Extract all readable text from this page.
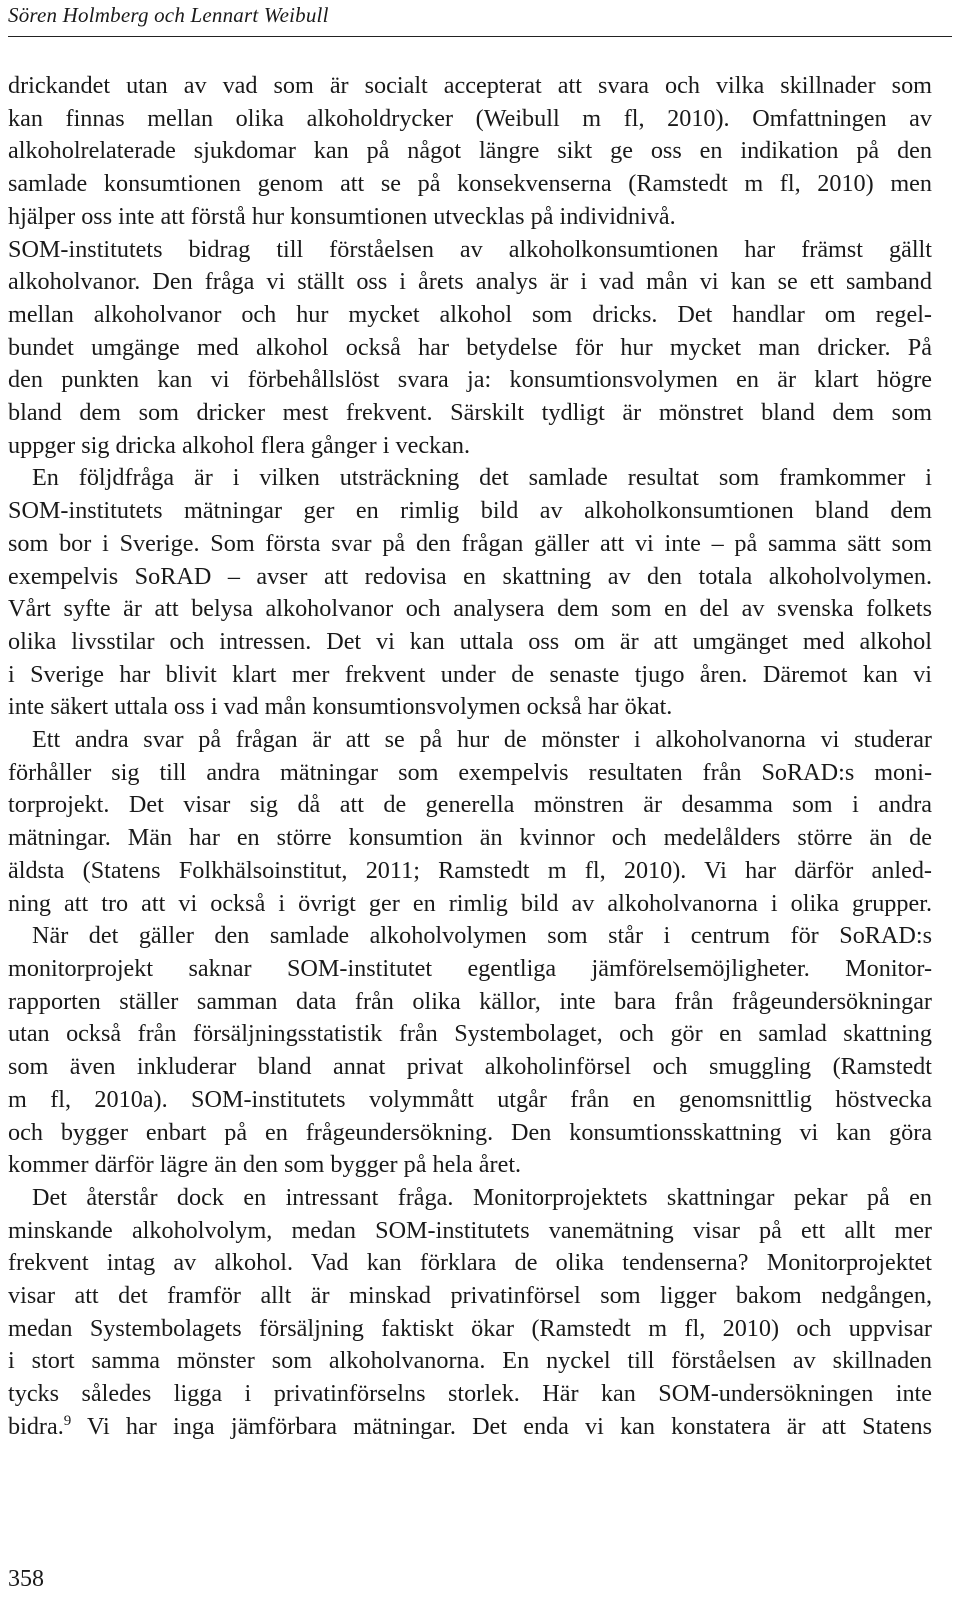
Sören Holmberg och Lennart Weibull

drickandet utan av vad som är socialt accepterat att svara och vilka skillnader som
kan finnas mellan olika alkoholdrycker (Weibull m fl, 2010). Omfattningen av
alkoholrelaterade sjukdomar kan på något längre sikt ge oss en indikation på den
samlade konsumtionen genom att se på konsekvenserna (Ramstedt m fl, 2010) men
hjälper oss inte att förstå hur konsumtionen utvecklas på individnivå.

SOM-institutets bidrag till förståelsen av alkoholkonsumtionen har främst gällt
alkoholvanor. Den fråga vi ställt oss i årets analys är i vad mån vi kan se ett samband
mellan alkoholvanor och hur mycket alkohol som dricks. Det handlar om regel-
bundet umgänge med alkohol också har betydelse för hur mycket man dricker. På
den punkten kan vi förbehållslöst svara ja: konsumtionsvolymen en är klart högre
bland dem som dricker mest frekvent. Särskilt tydligt är mönstret bland dem som
uppger sig dricka alkohol flera gånger i veckan.

En följdfråga är i vilken utsträckning det samlade resultat som framkommer i
SOM-institutets mätningar ger en rimlig bild av alkoholkonsumtionen bland dem
som bor i Sverige. Som första svar på den frågan gäller att vi inte – på samma sätt som
exempelvis SoRAD – avser att redovisa en skattning av den totala alkoholvolymen.
Vårt syfte är att belysa alkoholvanor och analysera dem som en del av svenska folkets
olika livsstilar och intressen. Det vi kan uttala oss om är att umgänget med alkohol
i Sverige har blivit klart mer frekvent under de senaste tjugo åren. Däremot kan vi
inte säkert uttala oss i vad mån konsumtionsvolymen också har ökat.

Ett andra svar på frågan är att se på hur de mönster i alkoholvanorna vi studerar
förhåller sig till andra mätningar som exempelvis resultaten från SoRAD:s moni-
torprojekt. Det visar sig då att de generella mönstren är desamma som i andra
mätningar. Män har en större konsumtion än kvinnor och medelålders större än de
äldsta (Statens Folkhälsoinstitut, 2011; Ramstedt m fl, 2010). Vi har därför anled-
ning att tro att vi också i övrigt ger en rimlig bild av alkoholvanorna i olika grupper.

När det gäller den samlade alkoholvolymen som står i centrum för SoRAD:s
monitorprojekt saknar SOM-institutet egentliga jämförelsemöjligheter. Monitor-
rapporten ställer samman data från olika källor, inte bara från frågeundersökningar
utan också från försäljningsstatistik från Systembolaget, och gör en samlad skattning
som även inkluderar bland annat privat alkoholinförsel och smuggling (Ramstedt
m fl, 2010a). SOM-institutets volymmått utgår från en genomsnittlig höstvecka
och bygger enbart på en frågeundersökning. Den konsumtionsskattning vi kan göra
kommer därför lägre än den som bygger på hela året.

Det återstår dock en intressant fråga. Monitorprojektets skattningar pekar på en
minskande alkoholvolym, medan SOM-institutets vanemätning visar på ett allt mer
frekvent intag av alkohol. Vad kan förklara de olika tendenserna? Monitorprojektet
visar att det framför allt är minskad privatinförsel som ligger bakom nedgången,
medan Systembolagets försäljning faktiskt ökar (Ramstedt m fl, 2010) och uppvisar
i stort samma mönster som alkoholvanorna. En nyckel till förståelsen av skillnaden
tycks således ligga i privatinförselns storlek. Här kan SOM-undersökningen inte
bidra.$^9$ Vi har inga jämförbara mätningar. Det enda vi kan konstatera är att Statens

358
